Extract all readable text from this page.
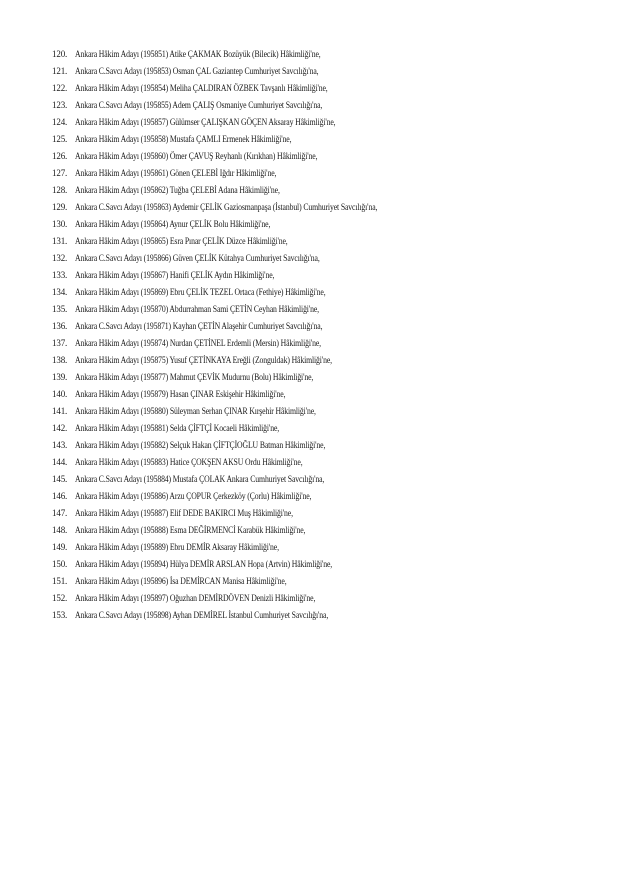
120. Ankara Hâkim Adayı (195851) Atike ÇAKMAK Bozüyük (Bilecik) Hâkimliği'ne,
121. Ankara C.Savcı Adayı (195853) Osman ÇAL Gaziantep Cumhuriyet Savcılığı'na,
122. Ankara Hâkim Adayı (195854) Meliha ÇALDIRAN ÖZBEK Tavşanlı Hâkimliği'ne,
123. Ankara C.Savcı Adayı (195855) Adem ÇALIŞ Osmaniye Cumhuriyet Savcılığı'na,
124. Ankara Hâkim Adayı (195857) Gülümser ÇALIŞKAN GÖÇEN Aksaray Hâkimliği'ne,
125. Ankara Hâkim Adayı (195858) Mustafa ÇAMLI Ermenek Hâkimliği'ne,
126. Ankara Hâkim Adayı (195860) Ömer ÇAVUŞ Reyhanlı (Kırıkhan) Hâkimliği'ne,
127. Ankara Hâkim Adayı (195861) Gönen ÇELEBİ Iğdır Hâkimliği'ne,
128. Ankara Hâkim Adayı (195862) Tuğba ÇELEBİ Adana Hâkimliği'ne,
129. Ankara C.Savcı Adayı (195863) Aydemir ÇELİK Gaziosmanpaşa (İstanbul) Cumhuriyet Savcılığı'na,
130. Ankara Hâkim Adayı (195864) Aynur ÇELİK Bolu Hâkimliği'ne,
131. Ankara Hâkim Adayı (195865) Esra Pınar ÇELİK Düzce Hâkimliği'ne,
132. Ankara C.Savcı Adayı (195866) Güven ÇELİK Kütahya Cumhuriyet Savcılığı'na,
133. Ankara Hâkim Adayı (195867) Hanifi ÇELİK Aydın Hâkimliği'ne,
134. Ankara Hâkim Adayı (195869) Ebru ÇELİK TEZEL Ortaca (Fethiye) Hâkimliği'ne,
135. Ankara Hâkim Adayı (195870) Abdurrahman Sami ÇETİN Ceyhan Hâkimliği'ne,
136. Ankara C.Savcı Adayı (195871) Kayhan ÇETİN Alaşehir Cumhuriyet Savcılığı'na,
137. Ankara Hâkim Adayı (195874) Nurdan ÇETİNEL Erdemli (Mersin) Hâkimliği'ne,
138. Ankara Hâkim Adayı (195875) Yusuf ÇETİNKAYA Ereğli (Zonguldak) Hâkimliği'ne,
139. Ankara Hâkim Adayı (195877) Mahmut ÇEVİK Mudurnu (Bolu) Hâkimliği'ne,
140. Ankara Hâkim Adayı (195879) Hasan ÇINAR Eskişehir Hâkimliği'ne,
141. Ankara Hâkim Adayı (195880) Süleyman Serhan ÇINAR Kırşehir Hâkimliği'ne,
142. Ankara Hâkim Adayı (195881) Selda ÇİFTÇİ Kocaeli Hâkimliği'ne,
143. Ankara Hâkim Adayı (195882) Selçuk Hakan ÇİFTÇİOĞLU Batman Hâkimliği'ne,
144. Ankara Hâkim Adayı (195883) Hatice ÇOKŞEN AKSU Ordu Hâkimliği'ne,
145. Ankara C.Savcı Adayı (195884) Mustafa ÇOLAK Ankara Cumhuriyet Savcılığı'na,
146. Ankara Hâkim Adayı (195886) Arzu ÇOPUR Çerkezköy (Çorlu) Hâkimliği'ne,
147. Ankara Hâkim Adayı (195887) Elif DEDE BAKIRCI Muş Hâkimliği'ne,
148. Ankara Hâkim Adayı (195888) Esma DEĞİRMENCİ Karabük Hâkimliği'ne,
149. Ankara Hâkim Adayı (195889) Ebru DEMİR Aksaray Hâkimliği'ne,
150. Ankara Hâkim Adayı (195894) Hülya DEMİR ARSLAN Hopa (Artvin) Hâkimliği'ne,
151. Ankara Hâkim Adayı (195896) İsa DEMİRCAN Manisa Hâkimliği'ne,
152. Ankara Hâkim Adayı (195897) Oğuzhan DEMİRDÖVEN Denizli Hâkimliği'ne,
153. Ankara C.Savcı Adayı (195898) Ayhan DEMİREL İstanbul Cumhuriyet Savcılığı'na,
